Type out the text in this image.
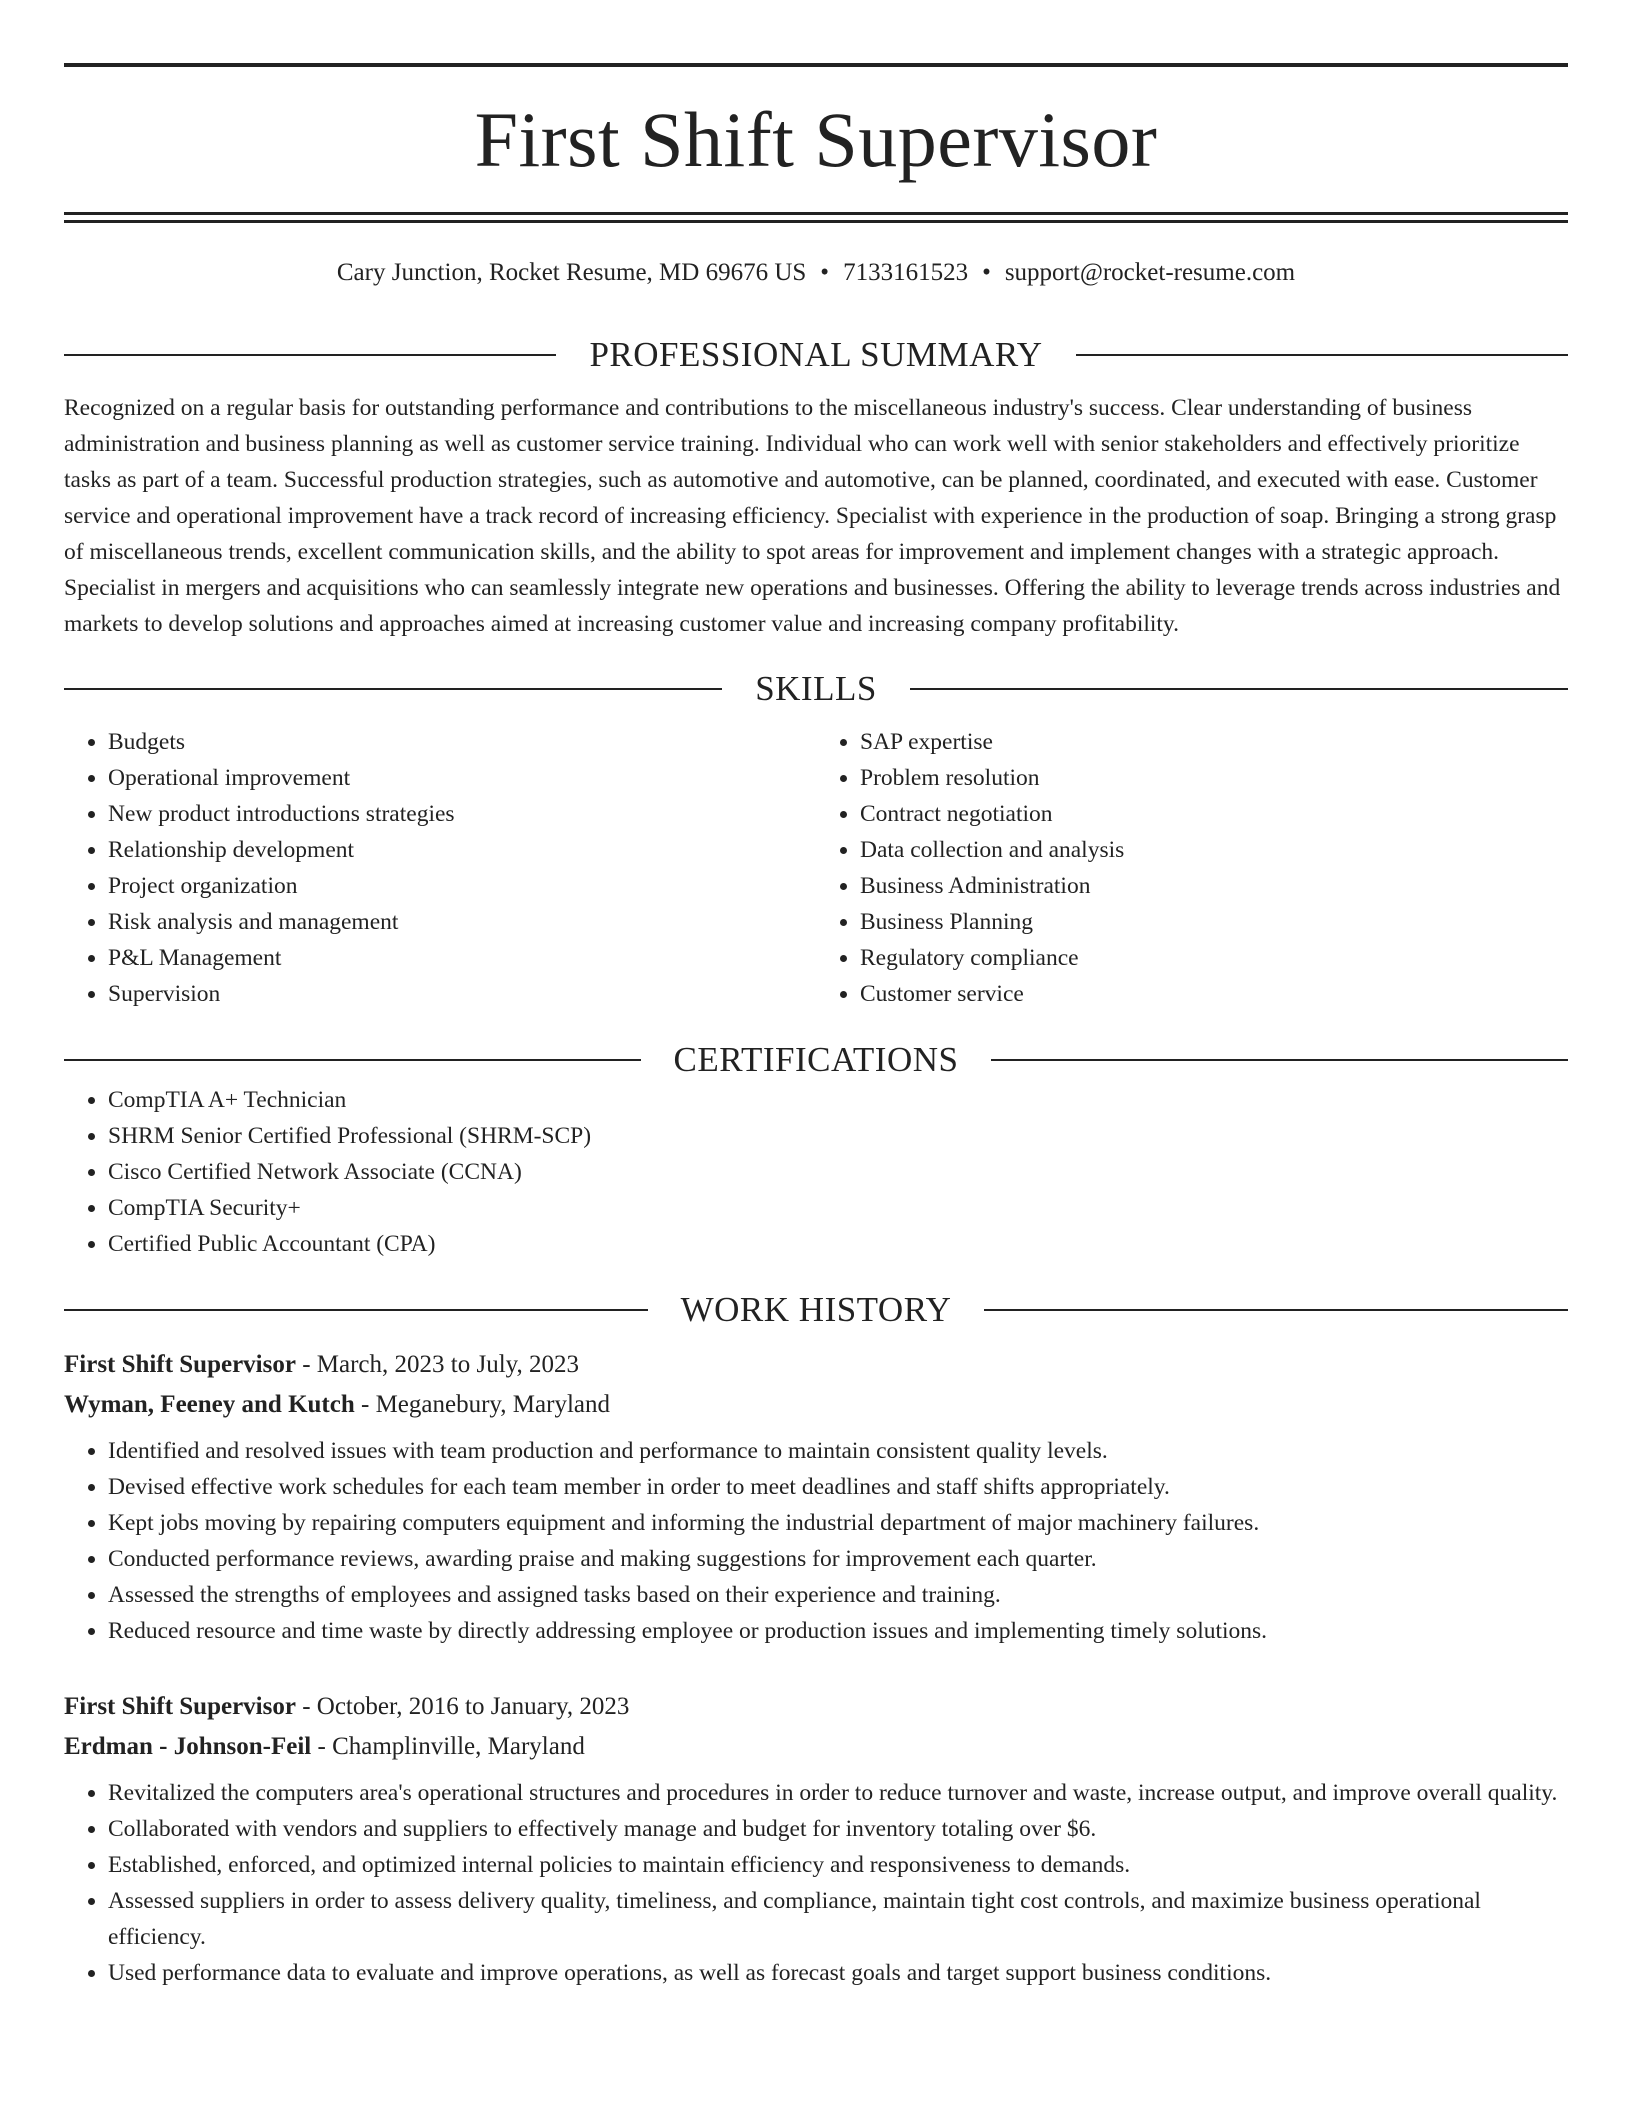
First Shift Supervisor
Cary Junction, Rocket Resume, MD 69676 US • 7133161523 • support@rocket-resume.com
PROFESSIONAL SUMMARY
Recognized on a regular basis for outstanding performance and contributions to the miscellaneous industry's success. Clear understanding of business administration and business planning as well as customer service training. Individual who can work well with senior stakeholders and effectively prioritize tasks as part of a team. Successful production strategies, such as automotive and automotive, can be planned, coordinated, and executed with ease. Customer service and operational improvement have a track record of increasing efficiency. Specialist with experience in the production of soap. Bringing a strong grasp of miscellaneous trends, excellent communication skills, and the ability to spot areas for improvement and implement changes with a strategic approach. Specialist in mergers and acquisitions who can seamlessly integrate new operations and businesses. Offering the ability to leverage trends across industries and markets to develop solutions and approaches aimed at increasing customer value and increasing company profitability.
SKILLS
• Budgets
• Operational improvement
• New product introductions strategies
• Relationship development
• Project organization
• Risk analysis and management
• P&L Management
• Supervision
• SAP expertise
• Problem resolution
• Contract negotiation
• Data collection and analysis
• Business Administration
• Business Planning
• Regulatory compliance
• Customer service
CERTIFICATIONS
• CompTIA A+ Technician
• SHRM Senior Certified Professional (SHRM-SCP)
• Cisco Certified Network Associate (CCNA)
• CompTIA Security+
• Certified Public Accountant (CPA)
WORK HISTORY
First Shift Supervisor - March, 2023 to July, 2023
Wyman, Feeney and Kutch - Meganebury, Maryland
• Identified and resolved issues with team production and performance to maintain consistent quality levels.
• Devised effective work schedules for each team member in order to meet deadlines and staff shifts appropriately.
• Kept jobs moving by repairing computers equipment and informing the industrial department of major machinery failures.
• Conducted performance reviews, awarding praise and making suggestions for improvement each quarter.
• Assessed the strengths of employees and assigned tasks based on their experience and training.
• Reduced resource and time waste by directly addressing employee or production issues and implementing timely solutions.
First Shift Supervisor - October, 2016 to January, 2023
Erdman - Johnson-Feil - Champlinville, Maryland
• Revitalized the computers area's operational structures and procedures in order to reduce turnover and waste, increase output, and improve overall quality.
• Collaborated with vendors and suppliers to effectively manage and budget for inventory totaling over $6.
• Established, enforced, and optimized internal policies to maintain efficiency and responsiveness to demands.
• Assessed suppliers in order to assess delivery quality, timeliness, and compliance, maintain tight cost controls, and maximize business operational efficiency.
• Used performance data to evaluate and improve operations, as well as forecast goals and target support business conditions.
